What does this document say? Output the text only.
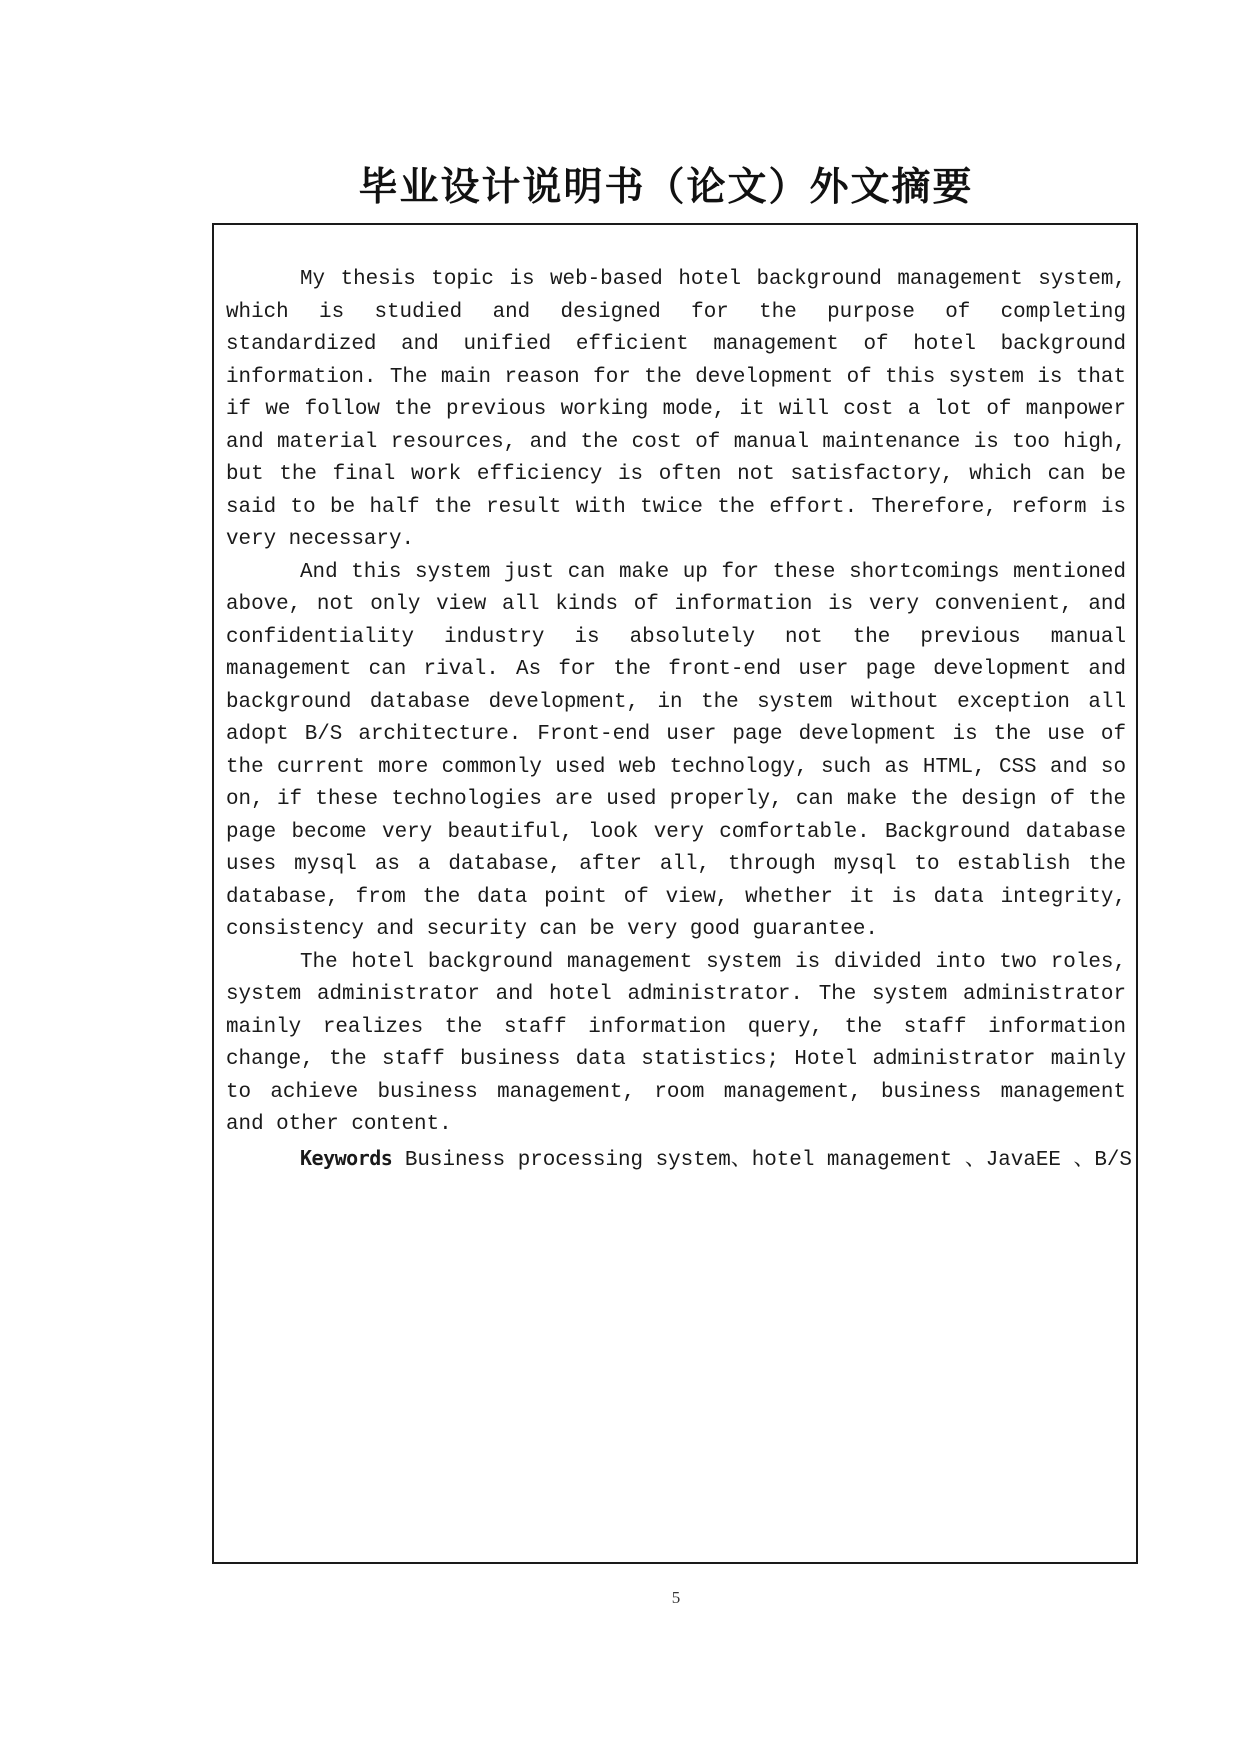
毕业设计说明书（论文）外文摘要

My thesis topic is web-based hotel background management system, which is studied and designed for the purpose of completing standardized and unified efficient management of hotel background information. The main reason for the development of this system is that if we follow the previous working mode, it will cost a lot of manpower and material resources, and the cost of manual maintenance is too high, but the final work efficiency is often not satisfactory, which can be said to be half the result with twice the effort. Therefore, reform is very necessary.

And this system just can make up for these shortcomings mentioned above, not only view all kinds of information is very convenient, and confidentiality industry is absolutely not the previous manual management can rival. As for the front-end user page development and background database development, in the system without exception all adopt B/S architecture. Front-end user page development is the use of the current more commonly used web technology, such as HTML, CSS and so on, if these technologies are used properly, can make the design of the page become very beautiful, look very comfortable. Background database uses mysql as a database, after all, through mysql to establish the database, from the data point of view, whether it is data integrity, consistency and security can be very good guarantee.

The hotel background management system is divided into two roles, system administrator and hotel administrator. The system administrator mainly realizes the staff information query, the staff information change, the staff business data statistics; Hotel administrator mainly to achieve business management, room management, business management and other content.

Keywords Business processing system、hotel management 、JavaEE 、B/S

5
